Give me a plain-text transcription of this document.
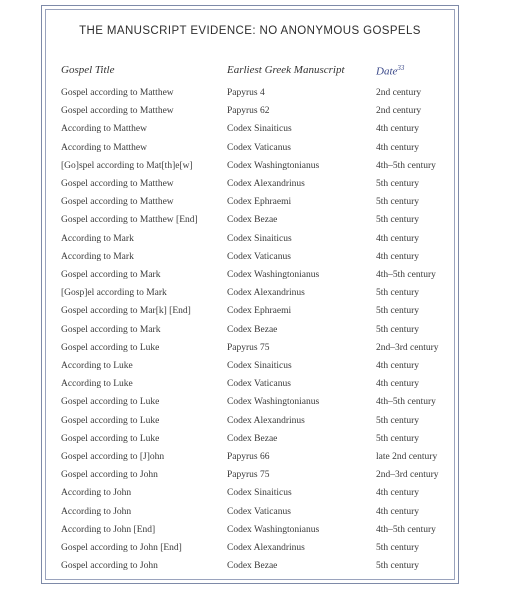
THE MANUSCRIPT EVIDENCE: NO ANONYMOUS GOSPELS
Gospel Title	Earliest Greek Manuscript	Date$^{33}$
Gospel according to Matthew	Papyrus 4	2nd century
Gospel according to Matthew	Papyrus 62	2nd century
According to Matthew	Codex Sinaiticus	4th century
According to Matthew	Codex Vaticanus	4th century
[Go]spel according to Mat[th]e[w]	Codex Washingtonianus	4th–5th century
Gospel according to Matthew	Codex Alexandrinus	5th century
Gospel according to Matthew	Codex Ephraemi	5th century
Gospel according to Matthew [End]	Codex Bezae	5th century
According to Mark	Codex Sinaiticus	4th century
According to Mark	Codex Vaticanus	4th century
Gospel according to Mark	Codex Washingtonianus	4th–5th century
[Gosp]el according to Mark	Codex Alexandrinus	5th century
Gospel according to Mar[k] [End]	Codex Ephraemi	5th century
Gospel according to Mark	Codex Bezae	5th century
Gospel according to Luke	Papyrus 75	2nd–3rd century
According to Luke	Codex Sinaiticus	4th century
According to Luke	Codex Vaticanus	4th century
Gospel according to Luke	Codex Washingtonianus	4th–5th century
Gospel according to Luke	Codex Alexandrinus	5th century
Gospel according to Luke	Codex Bezae	5th century
Gospel according to [J]ohn	Papyrus 66	late 2nd century
Gospel according to John	Papyrus 75	2nd–3rd century
According to John	Codex Sinaiticus	4th century
According to John	Codex Vaticanus	4th century
According to John [End]	Codex Washingtonianus	4th–5th century
Gospel according to John [End]	Codex Alexandrinus	5th century
Gospel according to John	Codex Bezae	5th century
